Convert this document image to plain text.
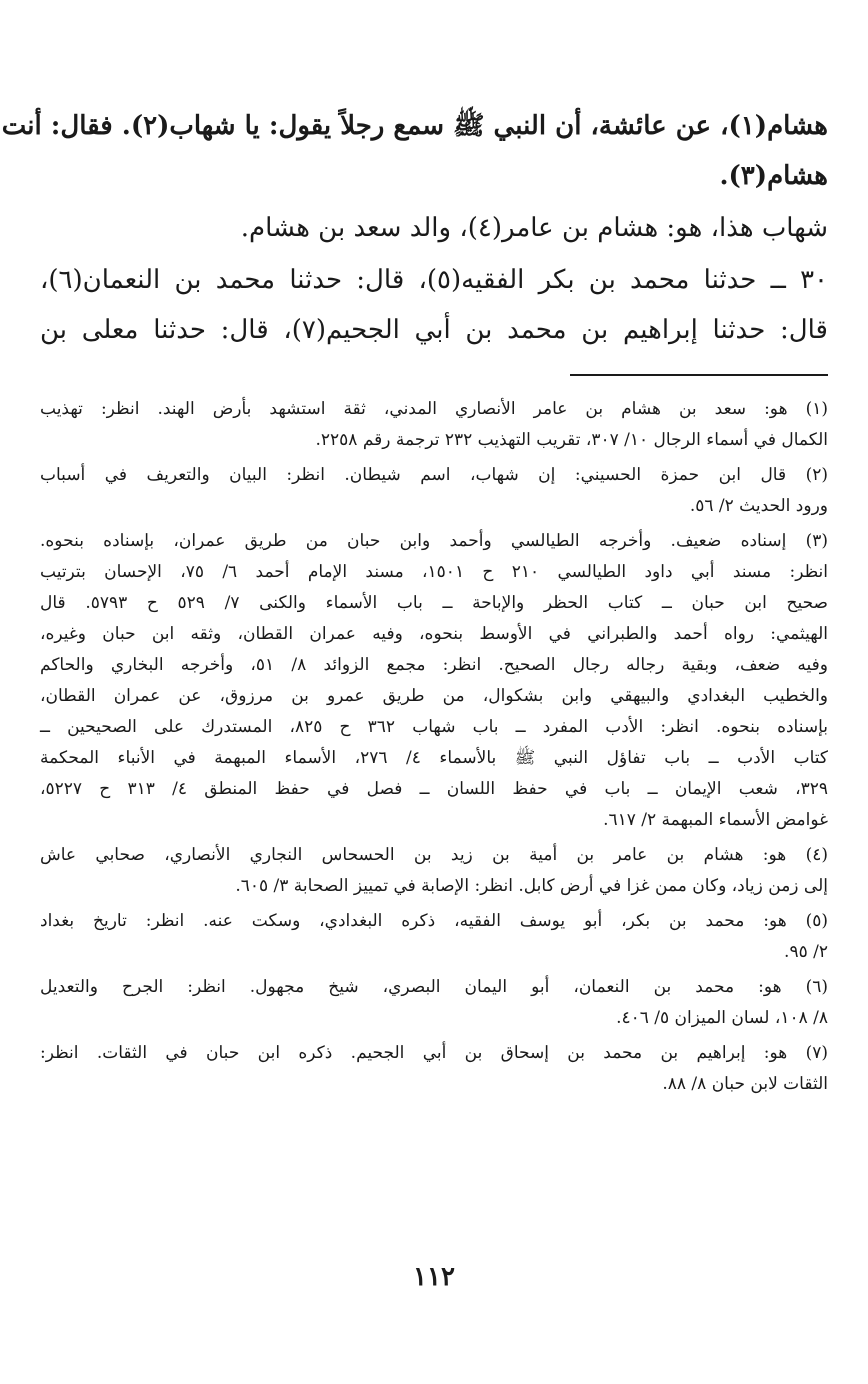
هشام(١)، عن عائشة، أن النبي ﷺ سمع رجلاً يقول: يا شهاب(٢). فقال: أنت
هشام(٣).
شهاب هذا، هو: هشام بن عامر(٤)، والد سعد بن هشام.
٣٠ ــ حدثنا محمد بن بكر الفقيه(٥)، قال: حدثنا محمد بن النعمان(٦)،
قال: حدثنا إبراهيم بن محمد بن أبي الجحيم(٧)، قال: حدثنا معلى بن
(١) هو: سعد بن هشام بن عامر الأنصاري المدني، ثقة استشهد بأرض الهند. انظر: تهذيب
الكمال في أسماء الرجال ١٠/ ٣٠٧، تقريب التهذيب ٢٣٢ ترجمة رقم ٢٢٥٨.
(٢) قال ابن حمزة الحسيني: إن شهاب، اسم شيطان. انظر: البيان والتعريف في أسباب
ورود الحديث ٢/ ٥٦.
(٣) إسناده ضعيف. وأخرجه الطيالسي وأحمد وابن حبان من طريق عمران، بإسناده بنحوه.
انظر: مسند أبي داود الطيالسي ٢١٠ ح ١٥٠١، مسند الإمام أحمد ٦/ ٧٥، الإحسان بترتيب
صحيح ابن حبان ــ كتاب الحظر والإباحة ــ باب الأسماء والكنى ٧/ ٥٢٩ ح ٥٧٩٣. قال
الهيثمي: رواه أحمد والطبراني في الأوسط بنحوه، وفيه عمران القطان، وثقه ابن حبان وغيره،
وفيه ضعف، وبقية رجاله رجال الصحيح. انظر: مجمع الزوائد ٨/ ٥١، وأخرجه البخاري والحاكم
والخطيب البغدادي والبيهقي وابن بشكوال، من طريق عمرو بن مرزوق، عن عمران القطان،
بإسناده بنحوه. انظر: الأدب المفرد ــ باب شهاب ٣٦٢ ح ٨٢٥، المستدرك على الصحيحين ــ
كتاب الأدب ــ باب تفاؤل النبي ﷺ بالأسماء ٤/ ٢٧٦، الأسماء المبهمة في الأنباء المحكمة
٣٢٩، شعب الإيمان ــ باب في حفظ اللسان ــ فصل في حفظ المنطق ٤/ ٣١٣ ح ٥٢٢٧،
غوامض الأسماء المبهمة ٢/ ٦١٧.
(٤) هو: هشام بن عامر بن أمية بن زيد بن الحسحاس النجاري الأنصاري، صحابي عاش
إلى زمن زياد، وكان ممن غزا في أرض كابل. انظر: الإصابة في تمييز الصحابة ٣/ ٦٠٥.
(٥) هو: محمد بن بكر، أبو يوسف الفقيه، ذكره البغدادي، وسكت عنه. انظر: تاريخ بغداد
٢/ ٩٥.
(٦) هو: محمد بن النعمان، أبو اليمان البصري، شيخ مجهول. انظر: الجرح والتعديل
٨/ ١٠٨، لسان الميزان ٥/ ٤٠٦.
(٧) هو: إبراهيم بن محمد بن إسحاق بن أبي الجحيم. ذكره ابن حبان في الثقات. انظر:
الثقات لابن حبان ٨/ ٨٨.
١١٢
